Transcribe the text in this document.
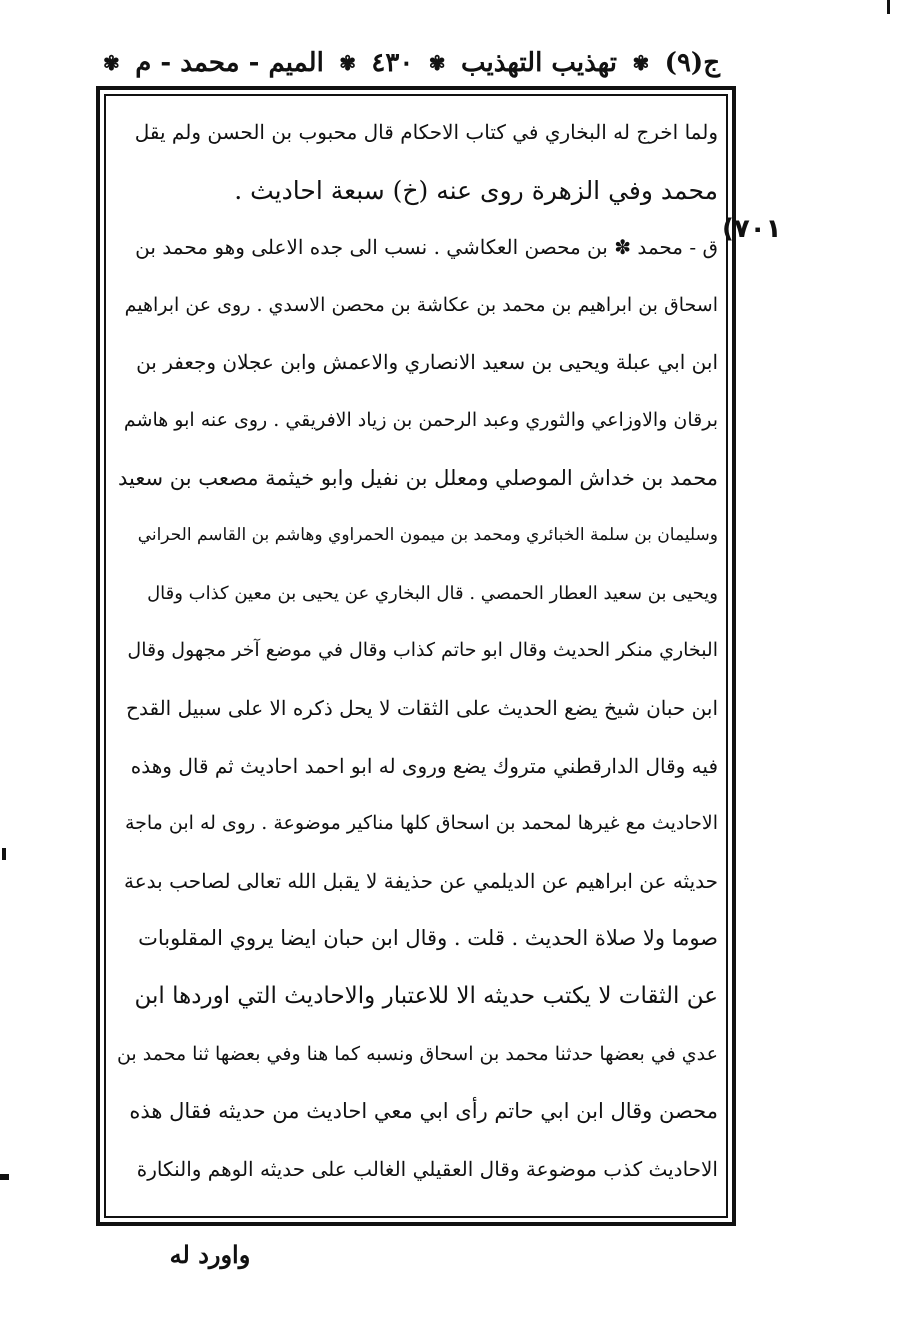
ج(٩)
✾
تهذيب التهذيب
✾
٤٣٠
✾
الميم - محمد - م
✾
(٧٠١
ولما اخرج له البخاري في كتاب الاحكام قال محبوب بن الحسن ولم يقل
محمد وفي الزهرة روى عنه (خ) سبعة احاديث .
ق - محمد ✽ بن محصن العكاشي . نسب الى جده الاعلى وهو محمد بن
اسحاق بن ابراهيم بن محمد بن عكاشة بن محصن الاسدي . روى عن ابراهيم
ابن ابي عبلة ويحيى بن سعيد الانصاري والاعمش وابن عجلان وجعفر بن
برقان والاوزاعي والثوري وعبد الرحمن بن زياد الافريقي . روى عنه ابو هاشم
محمد بن خداش الموصلي ومعلل بن نفيل وابو خيثمة مصعب بن سعيد
وسليمان بن سلمة الخبائري ومحمد بن ميمون الحمراوي وهاشم بن القاسم الحراني
ويحيى بن سعيد العطار الحمصي . قال البخاري عن يحيى بن معين كذاب وقال
البخاري منكر الحديث وقال ابو حاتم كذاب وقال في موضع آخر مجهول وقال
ابن حبان شيخ يضع الحديث على الثقات لا يحل ذكره الا على سبيل القدح
فيه وقال الدارقطني متروك يضع وروى له ابو احمد احاديث ثم قال وهذه
الاحاديث مع غيرها لمحمد بن اسحاق كلها مناكير موضوعة . روى له ابن ماجة
حديثه عن ابراهيم عن الديلمي عن حذيفة لا يقبل الله تعالى لصاحب بدعة
صوما ولا صلاة الحديث . قلت . وقال ابن حبان ايضا يروي المقلوبات
عن الثقات لا يكتب حديثه الا للاعتبار والاحاديث التي اوردها ابن
عدي في بعضها حدثنا محمد بن اسحاق ونسبه كما هنا وفي بعضها ثنا محمد بن
محصن وقال ابن ابي حاتم رأى ابي معي احاديث من حديثه فقال هذه
الاحاديث كذب موضوعة وقال العقيلي الغالب على حديثه الوهم والنكارة
واورد له
